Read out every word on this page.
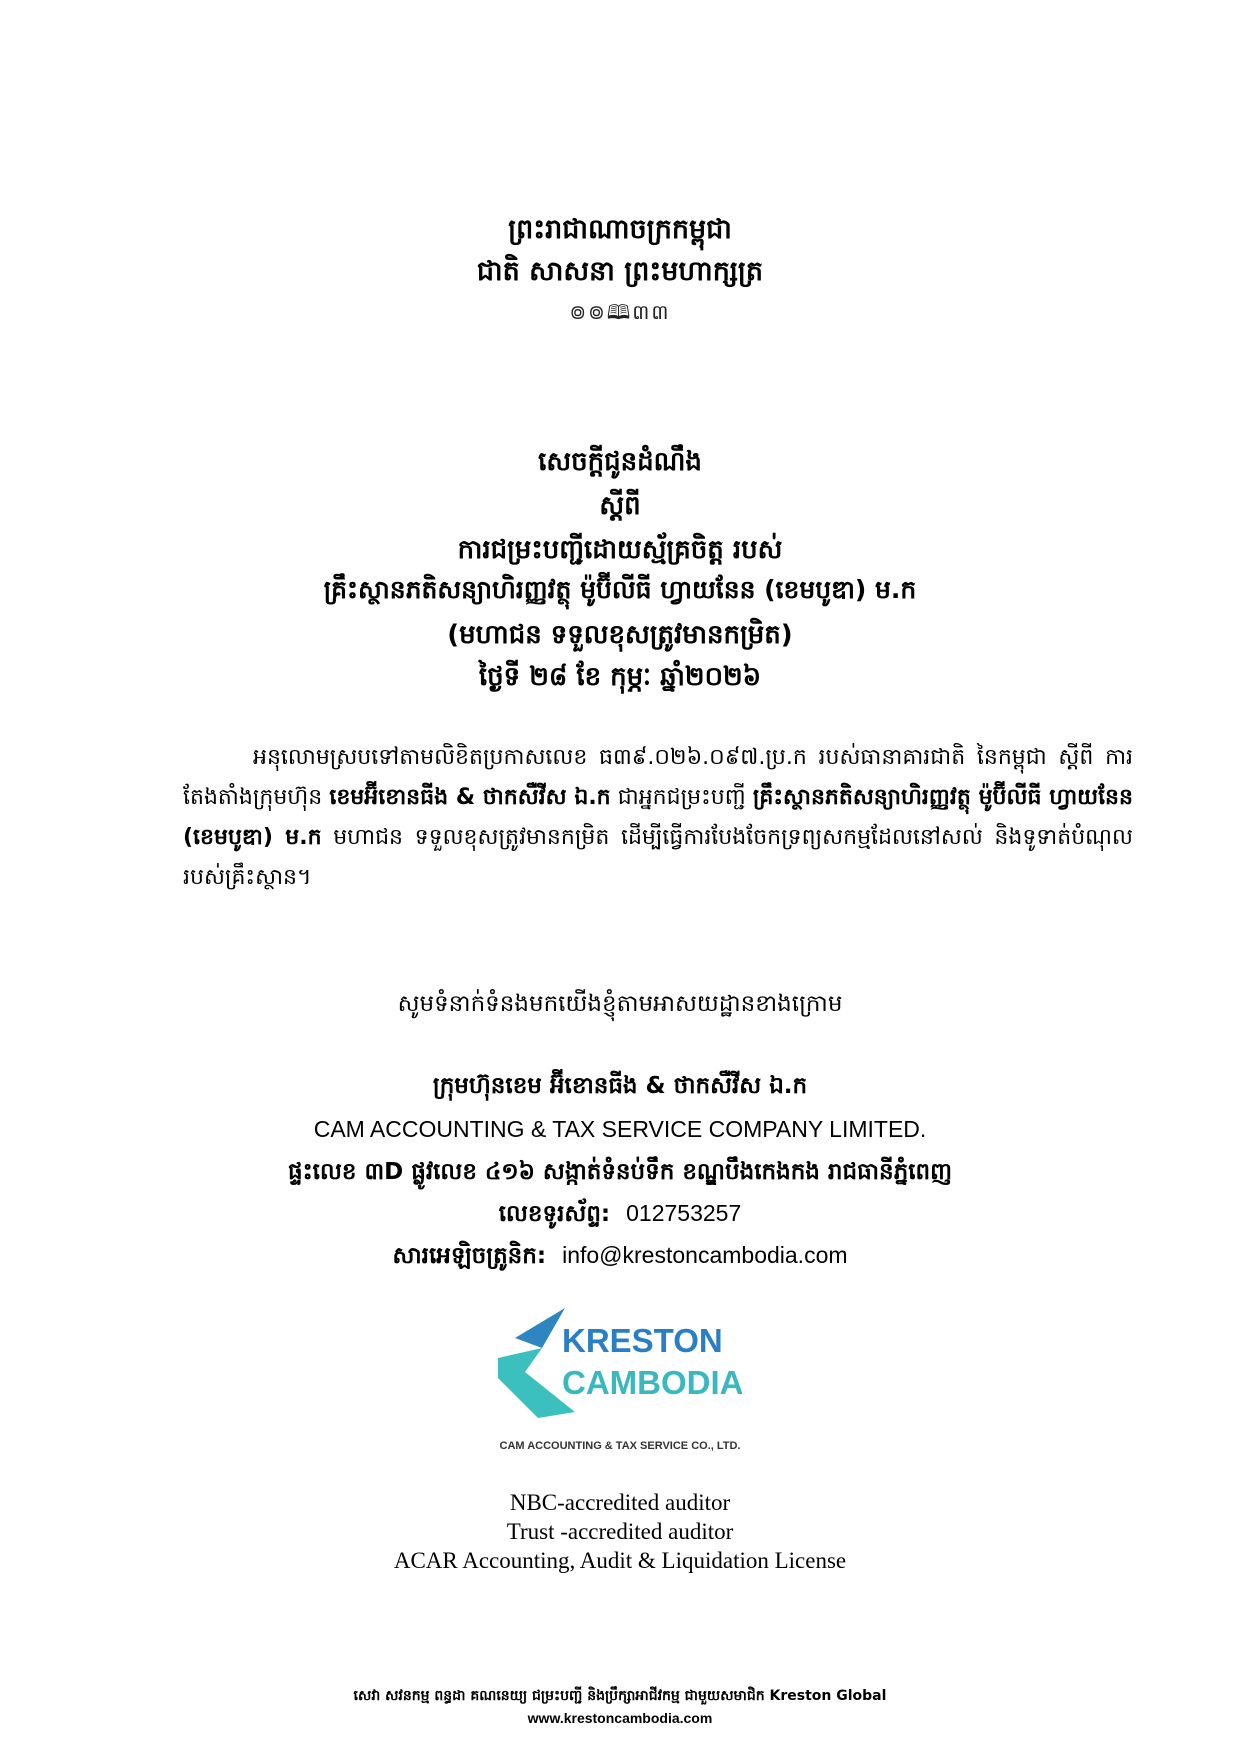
ព្រះរាជាណាចក្រកម្ពុជា
ជាតិ សាសនា ព្រះមហាក្សត្រ
៙៙🕮៣៣
សេចក្តីជូនដំណឹង
ស្តីពី
ការជម្រះបញ្ជីដោយស្ម័គ្រចិត្ត របស់
គ្រឹះស្ថានភតិសន្យាហិរញ្ញវត្ថុ ម៉ូប៊ីលីធី ហ្វាយនែន (ខេមបូឌា) ម.ក
(មហាជន ទទួលខុសត្រូវមានកម្រិត)
ថ្ងៃទី ២៨ ខែ កុម្ភៈ ឆ្នាំ២០២៦
អនុលោមស្របទៅតាមលិខិតប្រកាសលេខ ធ៣៩.០២៦.០៩៧.ប្រ.ក របស់ធានាគារជាតិ នៃកម្ពុជា ស្តីពី ការតែងតាំងក្រុមហ៊ុន ខេមអ៊ីខោនធីង & ថាកសឺវីស ឯ.ក ជាអ្នកជម្រះបញ្ជី គ្រឹះស្ថានភតិសន្យាហិរញ្ញវត្ថុ ម៉ូប៊ីលីធី ហ្វាយនែន (ខេមបូឌា) ម.ក មហាជន ទទួលខុសត្រូវមានកម្រិត ដើម្បីធ្វើការបែងចែកទ្រព្យសកម្មដែលនៅសល់ និងទូទាត់បំណុលរបស់គ្រឹះស្ថាន។
សូមទំនាក់ទំនងមកយើងខ្ញុំតាមអាសយដ្ឋានខាងក្រោម
ក្រុមហ៊ុនខេម អ៊ីខោនធីង & ថាកសឺវីស ឯ.ក
CAM ACCOUNTING & TAX SERVICE COMPANY LIMITED.
ផ្ទះលេខ ៣D ផ្លូវលេខ ៤១៦ សង្កាត់ទំនប់ទឹក ខណ្ឌបឹងកេងកង រាជធានីភ្នំពេញ
លេខទូរស័ព្ទ: 012753257
សារអេឡិចត្រូនិក: info@krestoncambodia.com
KRESTON
CAMBODIA
CAM ACCOUNTING & TAX SERVICE CO., LTD.
NBC-accredited auditor
Trust -accredited auditor
ACAR Accounting, Audit & Liquidation License
សេវា សវនកម្ម ពន្ធដា គណនេយ្យ ជម្រះបញ្ជី និងប្រឹក្សាអាជីវកម្ម ជាមួយសមាជិក Kreston Global
www.krestoncambodia.com
